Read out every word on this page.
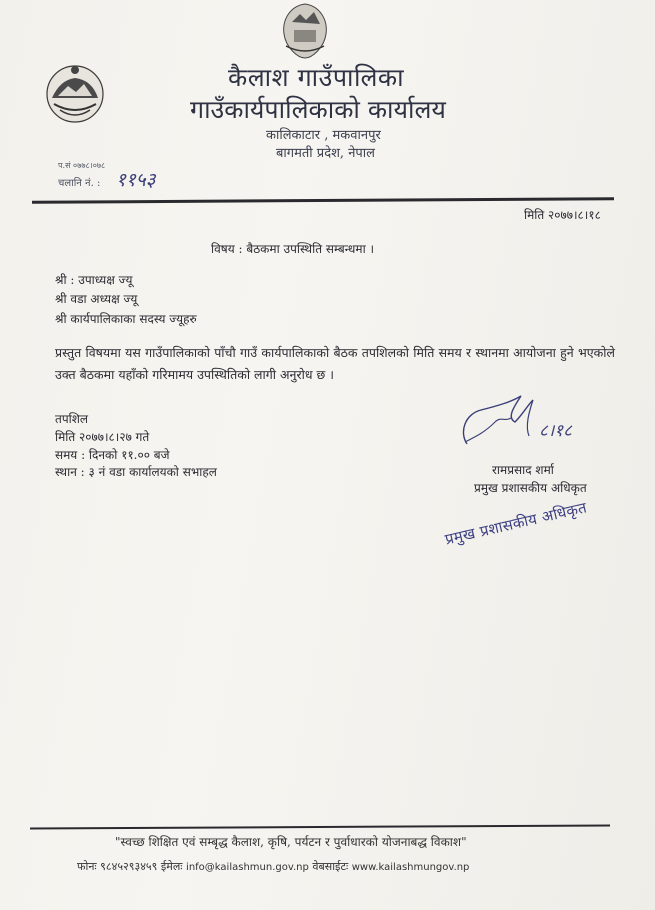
कैलाश गाउँपालिका
गाउँकार्यपालिकाको कार्यालय
कालिकाटार , मकवानपुर
बागमती प्रदेश, नेपाल
प.सं ०७७८।०७८
चलानि नं. : ११५३
मिति २०७७।८।१८
विषय : बैठकमा उपस्थिति सम्बन्धमा ।
श्री : उपाध्यक्ष ज्यू
श्री वडा अध्यक्ष ज्यू
श्री कार्यपालिकाका सदस्य ज्यूहरु
प्रस्तुत विषयमा यस गाउँपालिकाको पाँचौ गाउँ कार्यपालिकाको बैठक तपशिलको मिति समय र स्थानमा आयोजना हुने भएकोले उक्त बैठकमा यहाँको गरिमामय उपस्थितिको लागी अनुरोध छ ।
तपशिल
मिति २०७७।८।२७ गते
समय : दिनको ११.०० बजे
स्थान : ३ नं वडा कार्यालयको सभाहल
८।१८
रामप्रसाद शर्मा
प्रमुख प्रशासकीय अधिकृत
प्रमुख प्रशासकीय अधिकृत
"स्वच्छ शिक्षित एवं सम्बृद्ध कैलाश, कृषि, पर्यटन र पुर्वाधारको योजनाबद्ध विकाश"
फोनः ९८४५२९३४५९ ईमेलः info@kailashmun.gov.np वेबसाईटः www.kailashmungov.np
